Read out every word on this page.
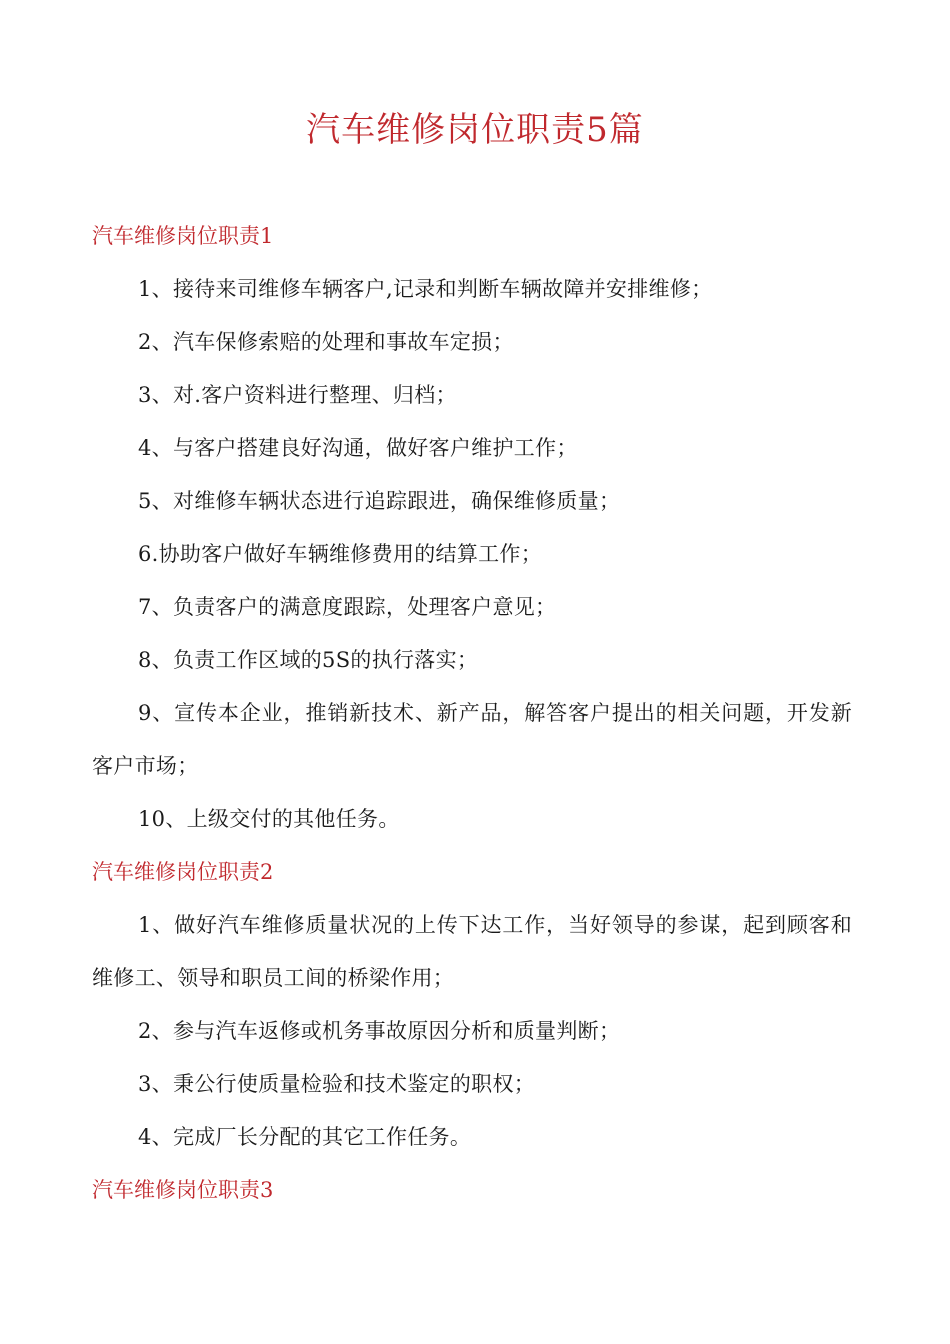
汽车维修岗位职责5篇

汽车维修岗位职责1

1、接待来司维修车辆客户,记录和判断车辆故障并安排维修；

2、汽车保修索赔的处理和事故车定损；

3、对.客户资料进行整理、归档；

4、与客户搭建良好沟通，做好客户维护工作；

5、对维修车辆状态进行追踪跟进，确保维修质量；

6.协助客户做好车辆维修费用的结算工作；

7、负责客户的满意度跟踪，处理客户意见；

8、负责工作区域的5S的执行落实；

9、宣传本企业，推销新技术、新产品，解答客户提出的相关问题，开发新客户市场；

10、上级交付的其他任务。

汽车维修岗位职责2

1、做好汽车维修质量状况的上传下达工作，当好领导的参谋，起到顾客和维修工、领导和职员工间的桥梁作用；

2、参与汽车返修或机务事故原因分析和质量判断；

3、秉公行使质量检验和技术鉴定的职权；

4、完成厂长分配的其它工作任务。

汽车维修岗位职责3
